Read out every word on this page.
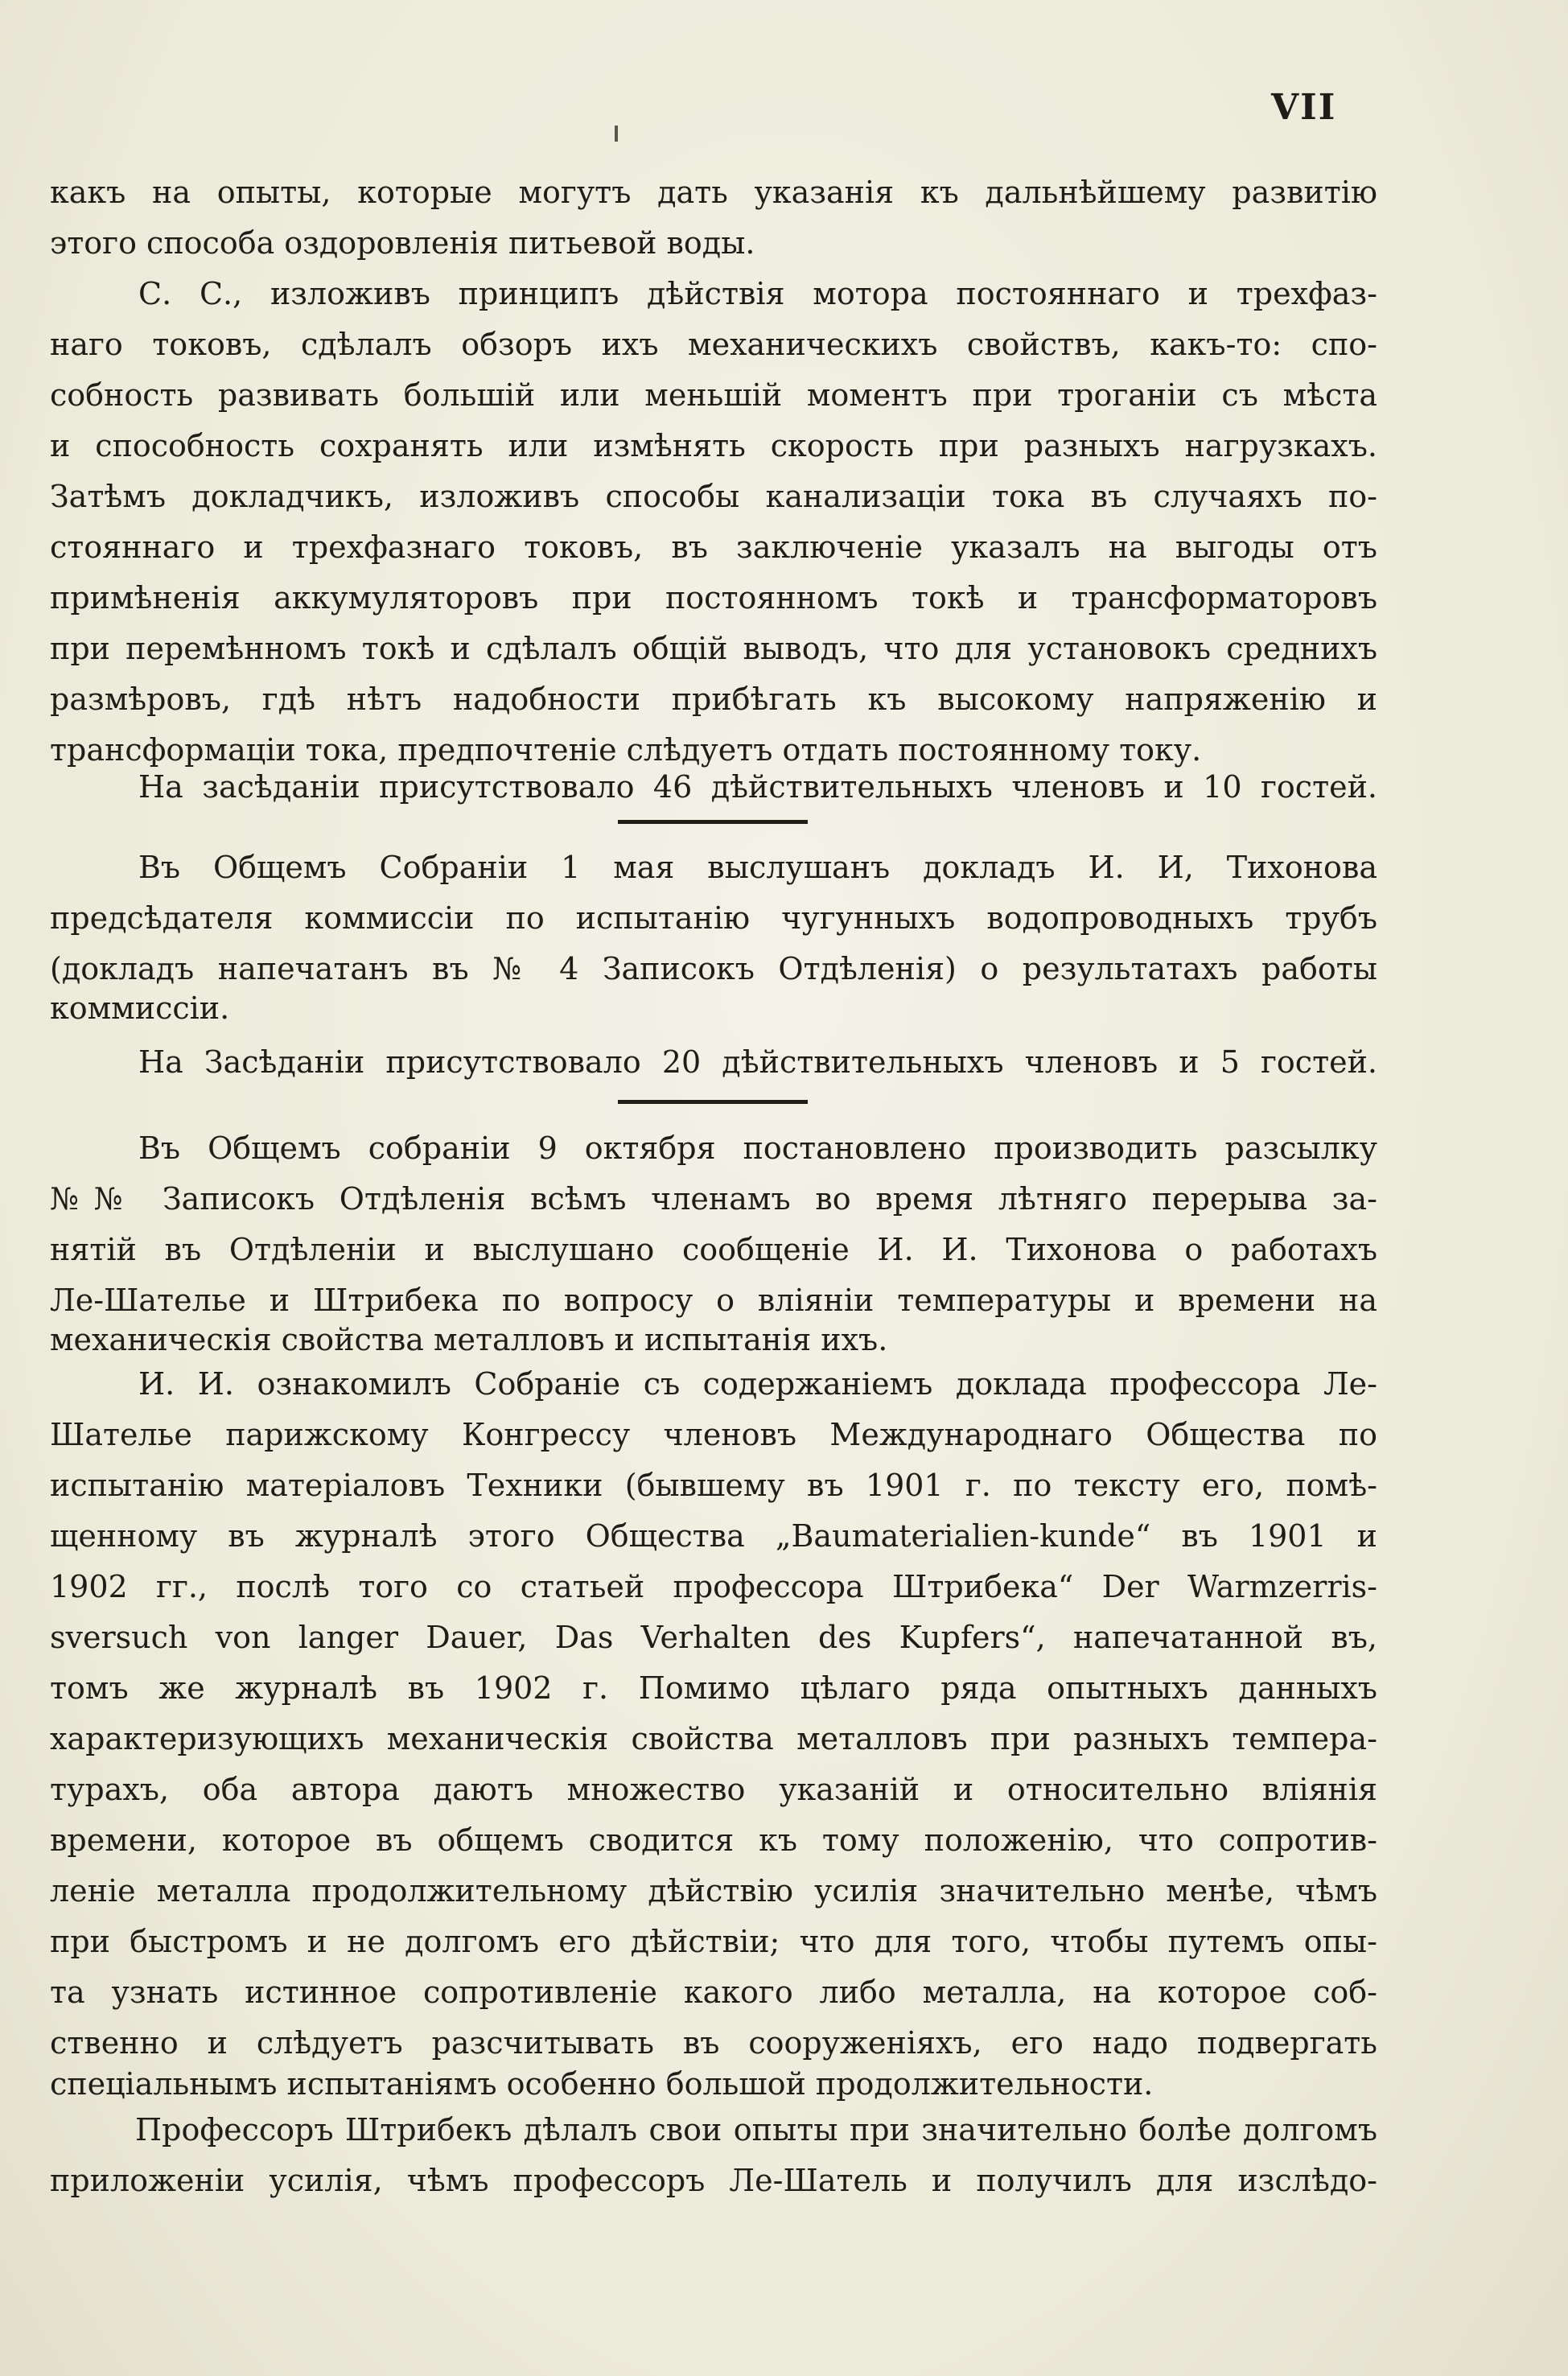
VII
какъ на опыты, которые могутъ дать указанія къ дальнѣйшему развитію
этого способа оздоровленія питьевой воды.
С. С., изложивъ принципъ дѣйствія мотора постояннаго и трехфаз-
наго токовъ, сдѣлалъ обзоръ ихъ механическихъ свойствъ, какъ-то: спо-
собность развивать большій или меньшій моментъ при троганіи съ мѣста
и способность сохранять или измѣнять скорость при разныхъ нагрузкахъ.
Затѣмъ докладчикъ, изложивъ способы канализаціи тока въ случаяхъ по-
стояннаго и трехфазнаго токовъ, въ заключеніе указалъ на выгоды отъ
примѣненія аккумуляторовъ при постоянномъ токѣ и трансформаторовъ
при перемѣнномъ токѣ и сдѣлалъ общій выводъ, что для установокъ среднихъ
размѣровъ, гдѣ нѣтъ надобности прибѣгать къ высокому напряженію и
трансформаціи тока, предпочтеніе слѣдуетъ отдать постоянному току.
На засѣданіи присутствовало 46 дѣйствительныхъ членовъ и 10 гостей.
Въ Общемъ Собраніи 1 мая выслушанъ докладъ И. И, Тихонова
предсѣдателя коммиссіи по испытанію чугунныхъ водопроводныхъ трубъ
(докладъ напечатанъ въ № 4 Записокъ Отдѣленія) о результатахъ работы
коммиссіи.
На Засѣданіи присутствовало 20 дѣйствительныхъ членовъ и 5 гостей.
Въ Общемъ собраніи 9 октября постановлено производить разсылку
№№ Записокъ Отдѣленія всѣмъ членамъ во время лѣтняго перерыва за-
нятій въ Отдѣленіи и выслушано сообщеніе И. И. Тихонова о работахъ
Ле-Шателье и Штрибека по вопросу о вліяніи температуры и времени на
механическія свойства металловъ и испытанія ихъ.
И. И. ознакомилъ Собраніе съ содержаніемъ доклада профессора Ле-
Шателье парижскому Конгрессу членовъ Международнаго Общества по
испытанію матеріаловъ Техники (бывшему въ 1901 г. по тексту его, помѣ-
щенному въ журналѣ этого Общества „Baumaterialien-kunde“ въ 1901 и
1902 гг., послѣ того со статьей профессора Штрибека“ Der Warmzerris-
sversuch von langer Dauer, Das Verhalten des Kupfers“, напечатанной въ,
томъ же журналѣ въ 1902 г. Помимо цѣлаго ряда опытныхъ данныхъ
характеризующихъ механическія свойства металловъ при разныхъ темпера-
турахъ, оба автора даютъ множество указаній и относительно вліянія
времени, которое въ общемъ сводится къ тому положенію, что сопротив-
леніе металла продолжительному дѣйствію усилія значительно менѣе, чѣмъ
при быстромъ и не долгомъ его дѣйствіи; что для того, чтобы путемъ опы-
та узнать истинное сопротивленіе какого либо металла, на которое соб-
ственно и слѣдуетъ разсчитывать въ сооруженіяхъ, его надо подвергать
спеціальнымъ испытаніямъ особенно большой продолжительности.
Профессоръ Штрибекъ дѣлалъ свои опыты при значительно болѣе долгомъ
приложеніи усилія, чѣмъ профессоръ Ле-Шатель и получилъ для изслѣдо-
